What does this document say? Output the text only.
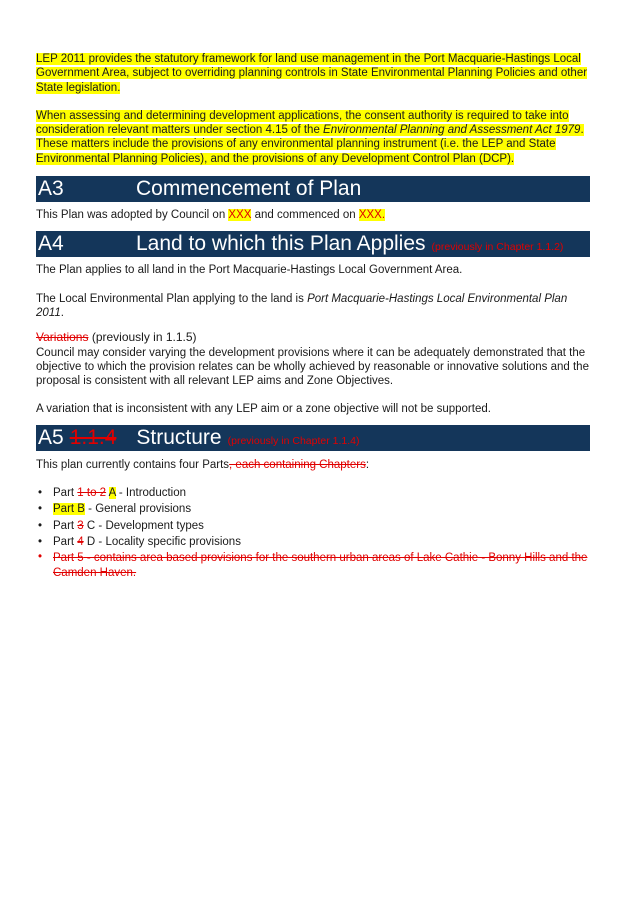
LEP 2011 provides the statutory framework for land use management in the Port Macquarie-Hastings Local Government Area, subject to overriding planning controls in State Environmental Planning Policies and other State legislation.

When assessing and determining development applications, the consent authority is required to take into consideration relevant matters under section 4.15 of the Environmental Planning and Assessment Act 1979. These matters include the provisions of any environmental planning instrument (i.e. the LEP and State Environmental Planning Policies), and the provisions of any Development Control Plan (DCP).

A3	Commencement of Plan

This Plan was adopted by Council on XXX and commenced on XXX.

A4	Land to which this Plan Applies (previously in Chapter 1.1.2)

The Plan applies to all land in the Port Macquarie-Hastings Local Government Area.

The Local Environmental Plan applying to the land is Port Macquarie-Hastings Local Environmental Plan 2011.

Variations (previously in 1.1.5)

Council may consider varying the development provisions where it can be adequately demonstrated that the objective to which the provision relates can be wholly achieved by reasonable or innovative solutions and the proposal is consistent with all relevant LEP aims and Zone Objectives.

A variation that is inconsistent with any LEP aim or a zone objective will not be supported.

A5 1.1.4 Structure (previously in Chapter 1.1.4)

This plan currently contains four Parts, each containing Chapters:

• Part 1 to 2 A - Introduction
• Part B - General provisions
• Part 3 C - Development types
• Part 4 D - Locality specific provisions
• Part 5 - contains area based provisions for the southern urban areas of Lake Cathie - Bonny Hills and the Camden Haven.
